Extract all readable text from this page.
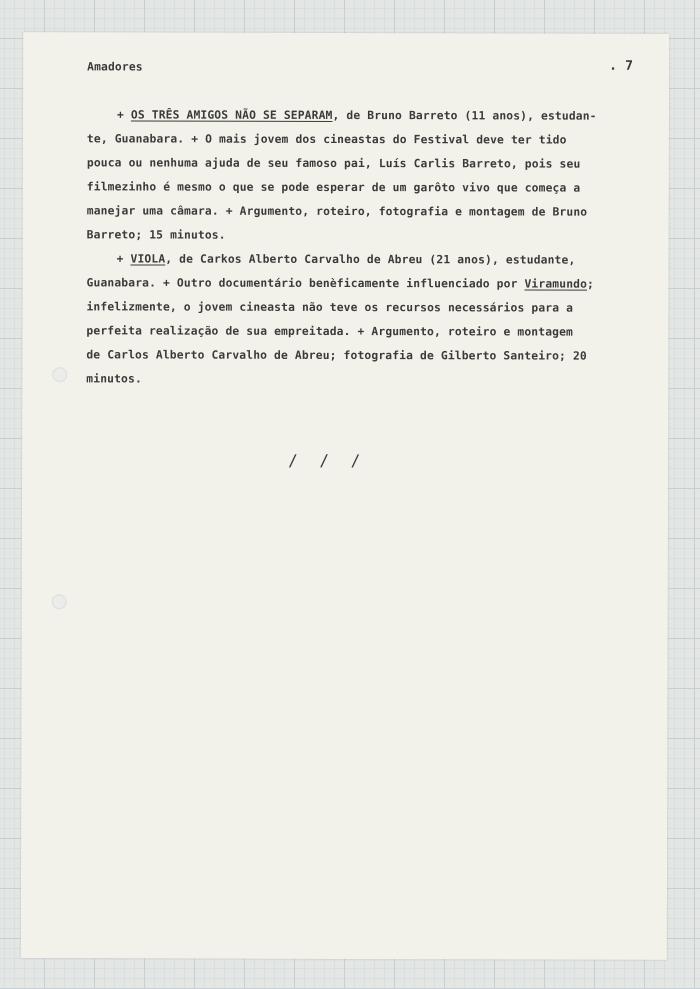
Amadores	. 7
+ OS TRÊS AMIGOS NÃO SE SEPARAM, de Bruno Barreto (11 anos), estudan-
te, Guanabara. + O mais jovem dos cineastas do Festival deve ter tido
pouca ou nenhuma ajuda de seu famoso pai, Luís Carlis Barreto, pois seu
filmezinho é mesmo o que se pode esperar de um garôto vivo que começa a
manejar uma câmara. + Argumento, roteiro, fotografia e montagem de Bruno
Barreto; 15 minutos.
+ VIOLA, de Carkos Alberto Carvalho de Abreu (21 anos), estudante,
Guanabara. + Outro documentário benèficamente influenciado por Viramundo;
infelizmente, o jovem cineasta não teve os recursos necessários para a
perfeita realização de sua empreitada. + Argumento, roteiro e montagem
de Carlos Alberto Carvalho de Abreu; fotografia de Gilberto Santeiro; 20
minutos.
/ / /
